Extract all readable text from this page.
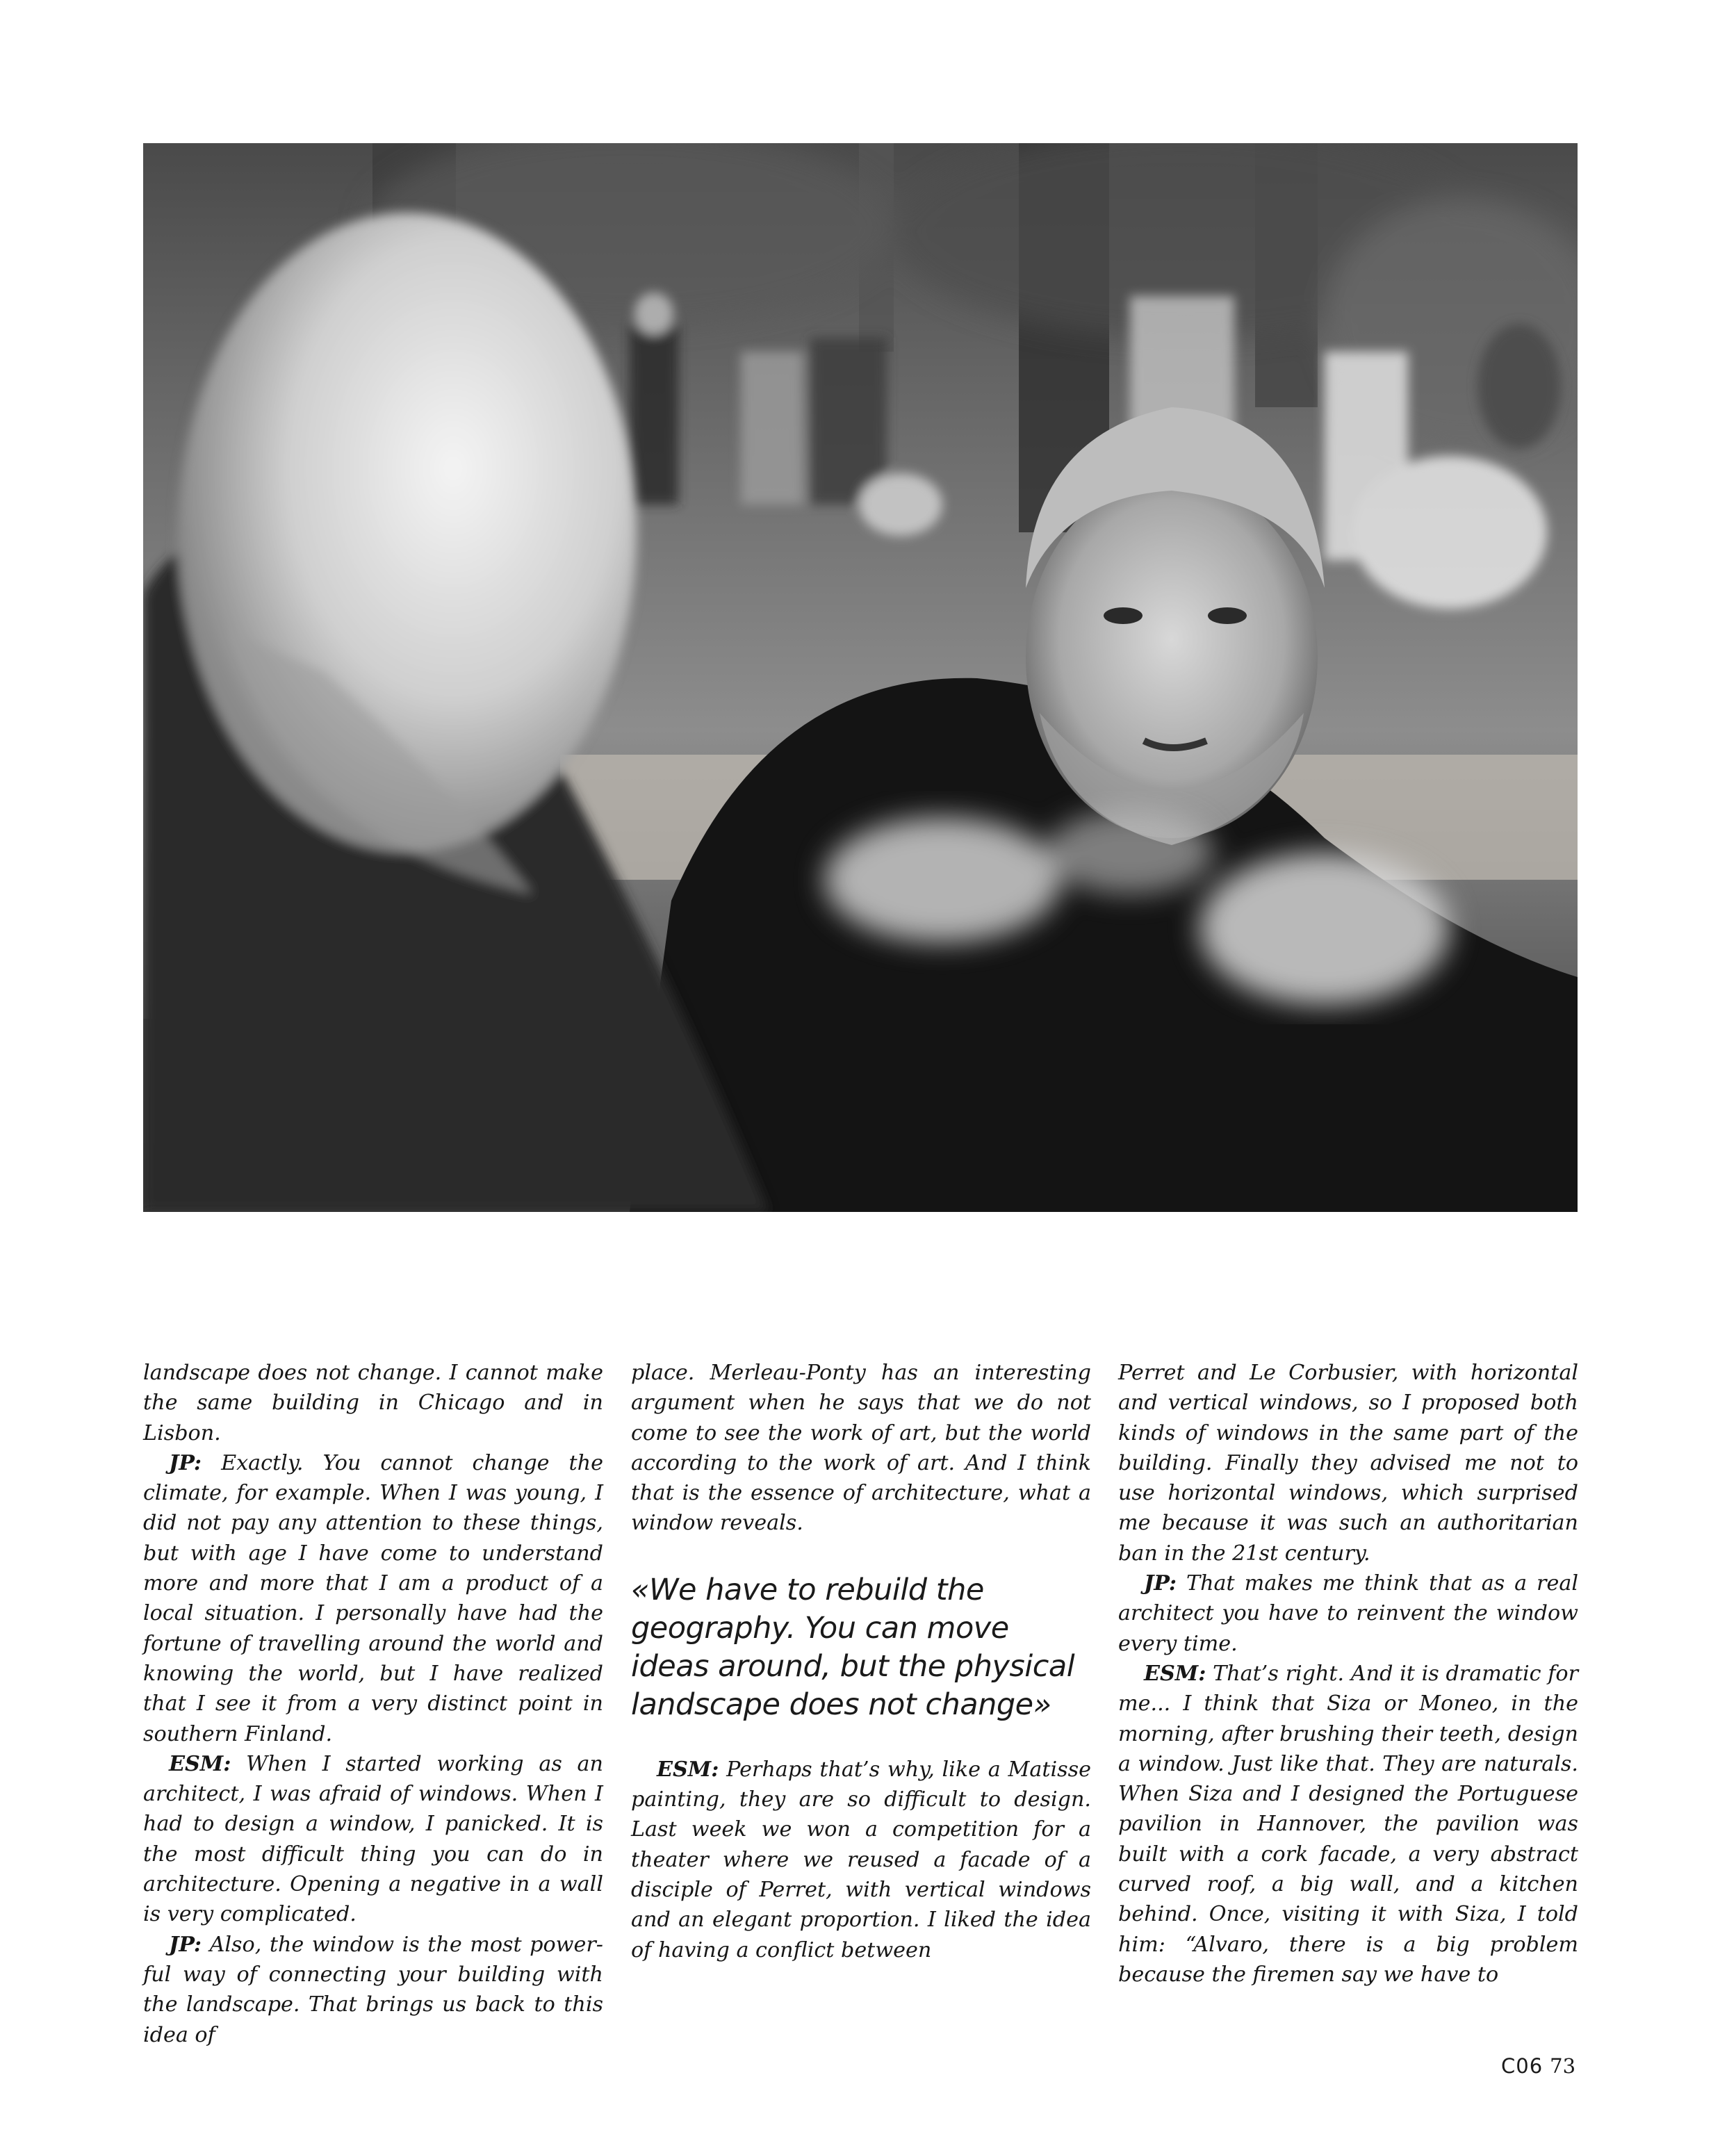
landscape does not change. I cannot make the same building in Chicago and in Lisbon.

JP: Exactly. You cannot change the climate, for example. When I was young, I did not pay any attention to these things, but with age I have come to understand more and more that I am a product of a local situation. I personally have had the fortune of travelling around the world and knowing the world, but I have realized that I see it from a very distinct point in southern Finland.

ESM: When I started working as an architect, I was afraid of windows. When I had to design a window, I panicked. It is the most difficult thing you can do in architecture. Opening a negative in a wall is very complicated.

JP: Also, the window is the most powerful way of connecting your building with the landscape. That brings us back to this idea of

place. Merleau-Ponty has an interesting argument when he says that we do not come to see the work of art, but the world according to the work of art. And I think that is the essence of architecture, what a window reveals.

«We have to rebuild the geography. You can move ideas around, but the physical landscape does not change»

ESM: Perhaps that’s why, like a Matisse painting, they are so difficult to design. Last week we won a competition for a theater where we reused a facade of a disciple of Perret, with vertical windows and an elegant proportion. I liked the idea of having a conflict between

Perret and Le Corbusier, with horizontal and vertical windows, so I proposed both kinds of windows in the same part of the building. Finally they advised me not to use horizontal windows, which surprised me because it was such an authoritarian ban in the 21st century.

JP: That makes me think that as a real architect you have to reinvent the window every time.

ESM: That’s right. And it is dramatic for me... I think that Siza or Moneo, in the morning, after brushing their teeth, design a window. Just like that. They are naturals. When Siza and I designed the Portuguese pavilion in Hannover, the pavilion was built with a cork facade, a very abstract curved roof, a big wall, and a kitchen behind. Once, visiting it with Siza, I told him: “Alvaro, there is a big problem because the firemen say we have to

C06 73
